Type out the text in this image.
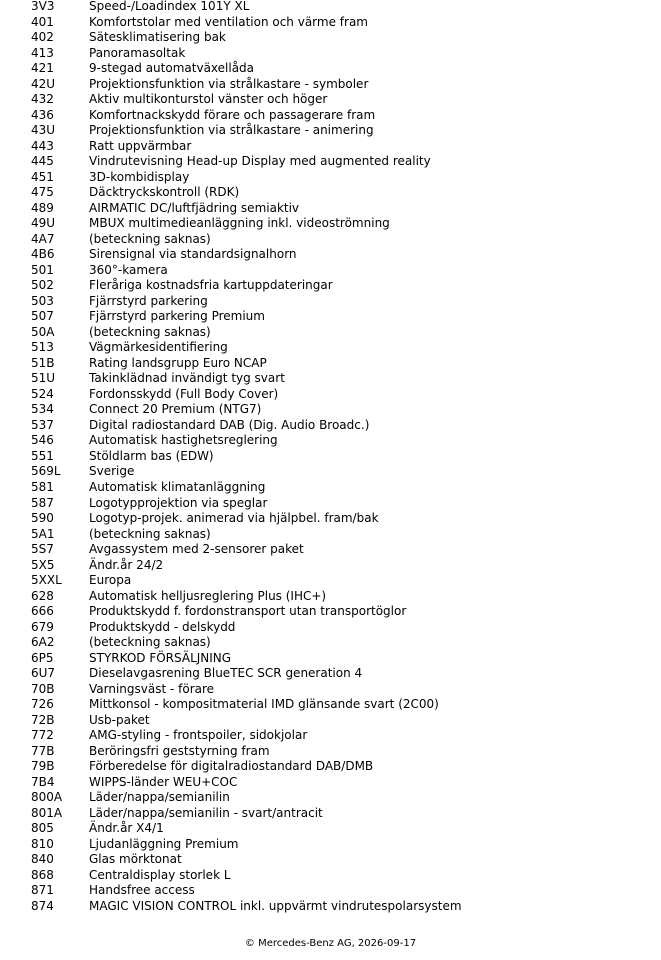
3V3	Speed-/Loadindex 101Y XL
401	Komfortstolar med ventilation och värme fram
402	Sätesklimatisering bak
413	Panoramasoltak
421	9-stegad automatväxellåda
42U	Projektionsfunktion via strålkastare - symboler
432	Aktiv multikonturstol vänster och höger
436	Komfortnackskydd förare och passagerare fram
43U	Projektionsfunktion via strålkastare - animering
443	Ratt uppvärmbar
445	Vindrutevisning Head-up Display med augmented reality
451	3D-kombidisplay
475	Däcktryckskontroll (RDK)
489	AIRMATIC DC/luftfjädring semiaktiv
49U	MBUX multimedieanläggning inkl. videoströmning
4A7	(beteckning saknas)
4B6	Sirensignal via standardsignalhorn
501	360°-kamera
502	Fleråriga kostnadsfria kartuppdateringar
503	Fjärrstyrd parkering
507	Fjärrstyrd parkering Premium
50A	(beteckning saknas)
513	Vägmärkesidentifiering
51B	Rating landsgrupp Euro NCAP
51U	Takinklädnad invändigt tyg svart
524	Fordonsskydd (Full Body Cover)
534	Connect 20 Premium (NTG7)
537	Digital radiostandard DAB (Dig. Audio Broadc.)
546	Automatisk hastighetsreglering
551	Stöldlarm bas (EDW)
569L	Sverige
581	Automatisk klimatanläggning
587	Logotypprojektion via speglar
590	Logotyp-projek. animerad via hjälpbel. fram/bak
5A1	(beteckning saknas)
5S7	Avgassystem med 2-sensorer paket
5X5	Ändr.år 24/2
5XXL	Europa
628	Automatisk helljusreglering Plus (IHC+)
666	Produktskydd f. fordonstransport utan transportöglor
679	Produktskydd - delskydd
6A2	(beteckning saknas)
6P5	STYRKOD FÖRSÄLJNING
6U7	Dieselavgasrening BlueTEC SCR generation 4
70B	Varningsväst - förare
726	Mittkonsol - kompositmaterial IMD glänsande svart (2C00)
72B	Usb-paket
772	AMG-styling - frontspoiler, sidokjolar
77B	Beröringsfri geststyrning fram
79B	Förberedelse för digitalradiostandard DAB/DMB
7B4	WIPPS-länder WEU+COC
800A	Läder/nappa/semianilin
801A	Läder/nappa/semianilin - svart/antracit
805	Ändr.år X4/1
810	Ljudanläggning Premium
840	Glas mörktonat
868	Centraldisplay storlek L
871	Handsfree access
874	MAGIC VISION CONTROL inkl. uppvärmt vindrutespolarsystem
© Mercedes-Benz AG, 2026-09-17
